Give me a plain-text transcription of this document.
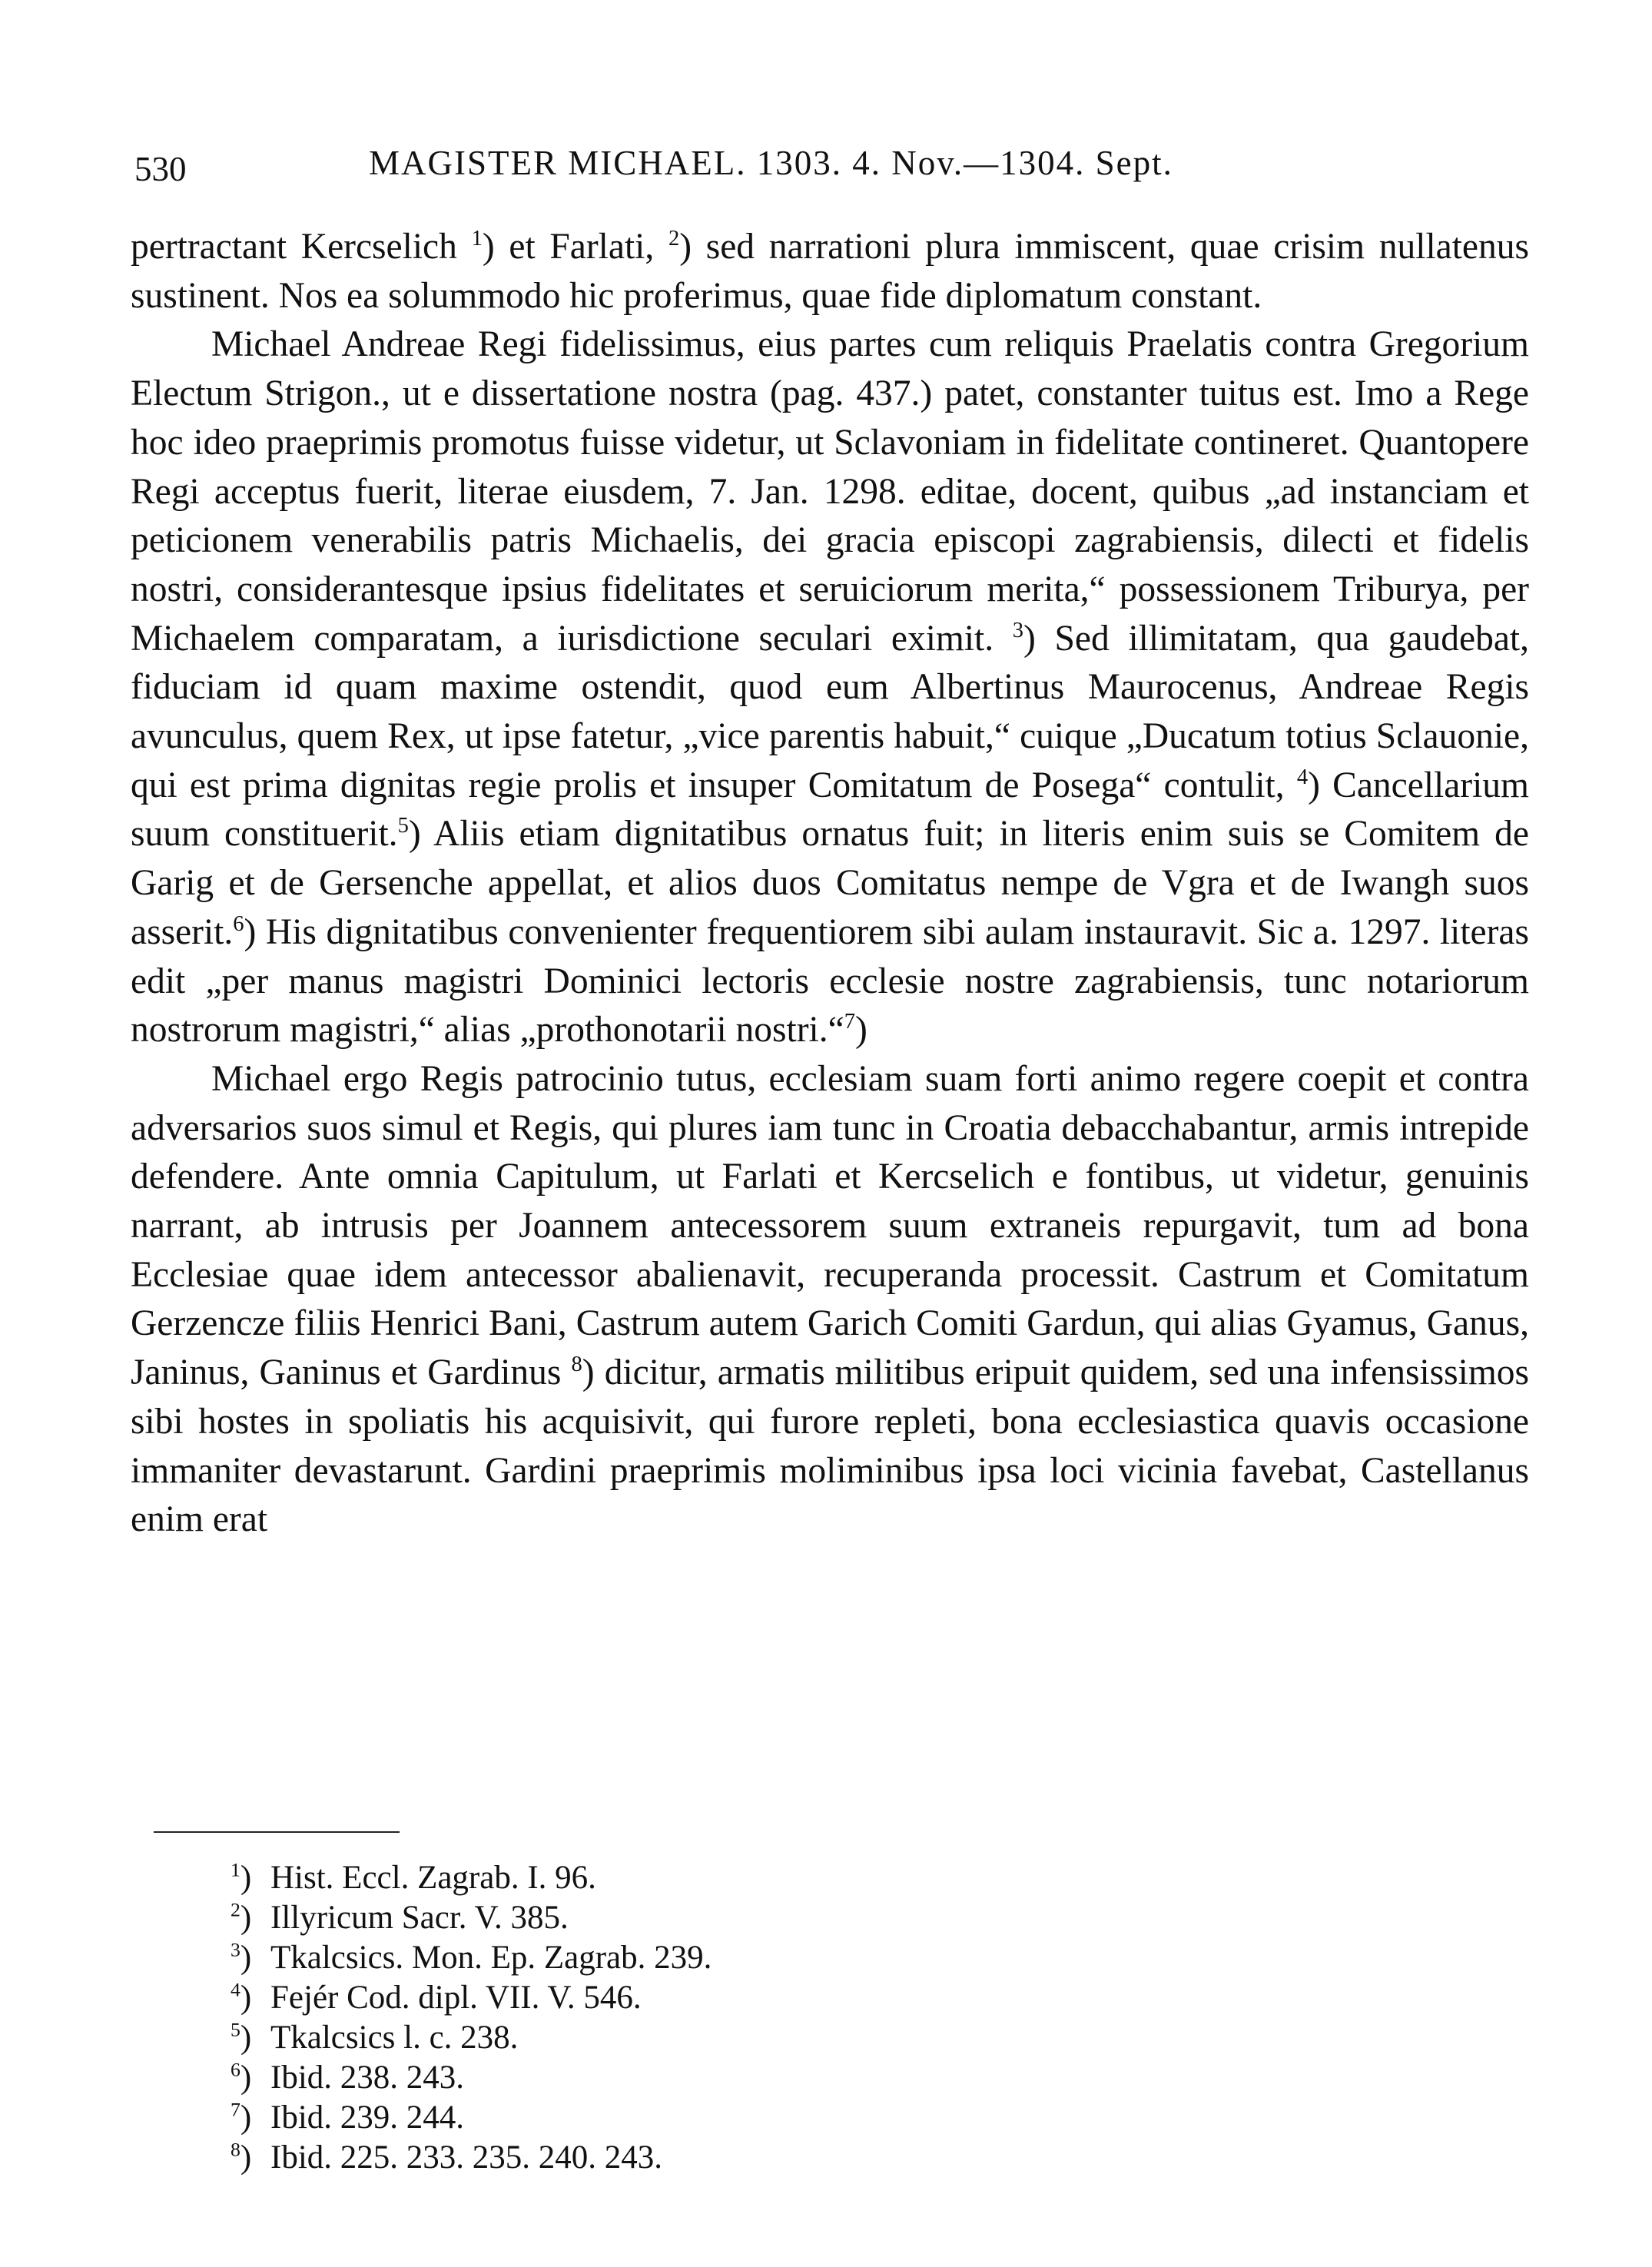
530	MAGISTER MICHAEL. 1303. 4. Nov.—1304. Sept.

pertractant Kercselich $^1$) et Farlati, $^2$) sed narrationi plura immiscent, quae crisim nullatenus sustinent. Nos ea solummodo hic proferimus, quae fide diplomatum constant.

Michael Andreae Regi fidelissimus, eius partes cum reliquis Praelatis contra Gregorium Electum Strigon., ut e dissertatione nostra (pag. 437.) patet, constanter tuitus est. Imo a Rege hoc ideo praeprimis promotus fuisse videtur, ut Sclavoniam in fidelitate contineret. Quantopere Regi acceptus fuerit, literae eiusdem, 7. Jan. 1298. editae, docent, quibus „ad instanciam et peticionem venerabilis patris Michaelis, dei gracia episcopi zagrabiensis, dilecti et fidelis nostri, considerantesque ipsius fidelitates et seruiciorum merita,“ possessionem Triburya, per Michaelem comparatam, a iurisdictione seculari eximit. $^3$) Sed illimitatam, qua gaudebat, fiduciam id quam maxime ostendit, quod eum Albertinus Maurocenus, Andreae Regis avunculus, quem Rex, ut ipse fatetur, „vice parentis habuit,“ cuique „Ducatum totius Sclauonie, qui est prima dignitas regie prolis et insuper Comitatum de Posega“ contulit, $^4$) Cancellarium suum constituerit.$^5$) Aliis etiam dignitatibus ornatus fuit; in literis enim suis se Comitem de Garig et de Gersenche appellat, et alios duos Comitatus nempe de Vgra et de Iwangh suos asserit.$^6$) His dignitatibus convenienter frequentiorem sibi aulam instauravit. Sic a. 1297. literas edit „per manus magistri Dominici lectoris ecclesie nostre zagrabiensis, tunc notariorum nostrorum magistri,“ alias „prothonotarii nostri.“$^7$)

Michael ergo Regis patrocinio tutus, ecclesiam suam forti animo regere coepit et contra adversarios suos simul et Regis, qui plures iam tunc in Croatia debacchabantur, armis intrepide defendere. Ante omnia Capitulum, ut Farlati et Kercselich e fontibus, ut videtur, genuinis narrant, ab intrusis per Joannem antecessorem suum extraneis repurgavit, tum ad bona Ecclesiae quae idem antecessor abalienavit, recuperanda processit. Castrum et Comitatum Gerzencze filiis Henrici Bani, Castrum autem Garich Comiti Gardun, qui alias Gyamus, Ganus, Janinus, Ganinus et Gardinus $^8$) dicitur, armatis militibus eripuit quidem, sed una infensissimos sibi hostes in spoliatis his acquisivit, qui furore repleti, bona ecclesiastica quavis occasione immaniter devastarunt. Gardini praeprimis moliminibus ipsa loci vicinia favebat, Castellanus enim erat

$^1$) Hist. Eccl. Zagrab. I. 96.
$^2$) Illyricum Sacr. V. 385.
$^3$) Tkalcsics. Mon. Ep. Zagrab. 239.
$^4$) Fejér Cod. dipl. VII. V. 546.
$^5$) Tkalcsics l. c. 238.
$^6$) Ibid. 238. 243.
$^7$) Ibid. 239. 244.
$^8$) Ibid. 225. 233. 235. 240. 243.
